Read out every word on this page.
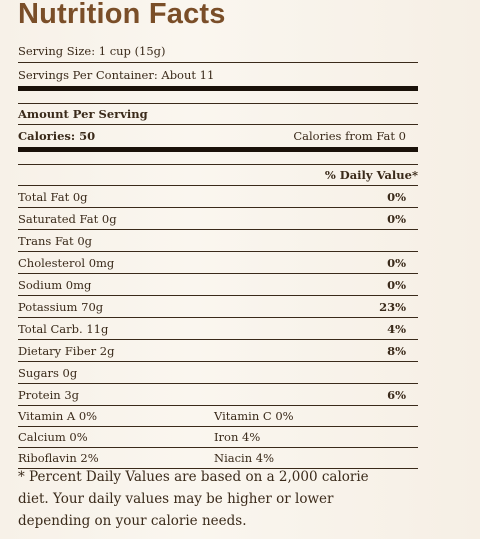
Nutrition Facts
Serving Size: 1 cup (15g)
Servings Per Container: About 11
Amount Per Serving
Calories: 50	Calories from Fat 0
% Daily Value*
Total Fat 0g	0%
Saturated Fat 0g	0%
Trans Fat 0g
Cholesterol 0mg	0%
Sodium 0mg	0%
Potassium 70g	23%
Total Carb. 11g	4%
Dietary Fiber 2g	8%
Sugars 0g
Protein 3g	6%
Vitamin A 0%	Vitamin C 0%
Calcium 0%	Iron 4%
Riboflavin 2%	Niacin 4%
* Percent Daily Values are based on a 2,000 calorie diet. Your daily values may be higher or lower depending on your calorie needs.
